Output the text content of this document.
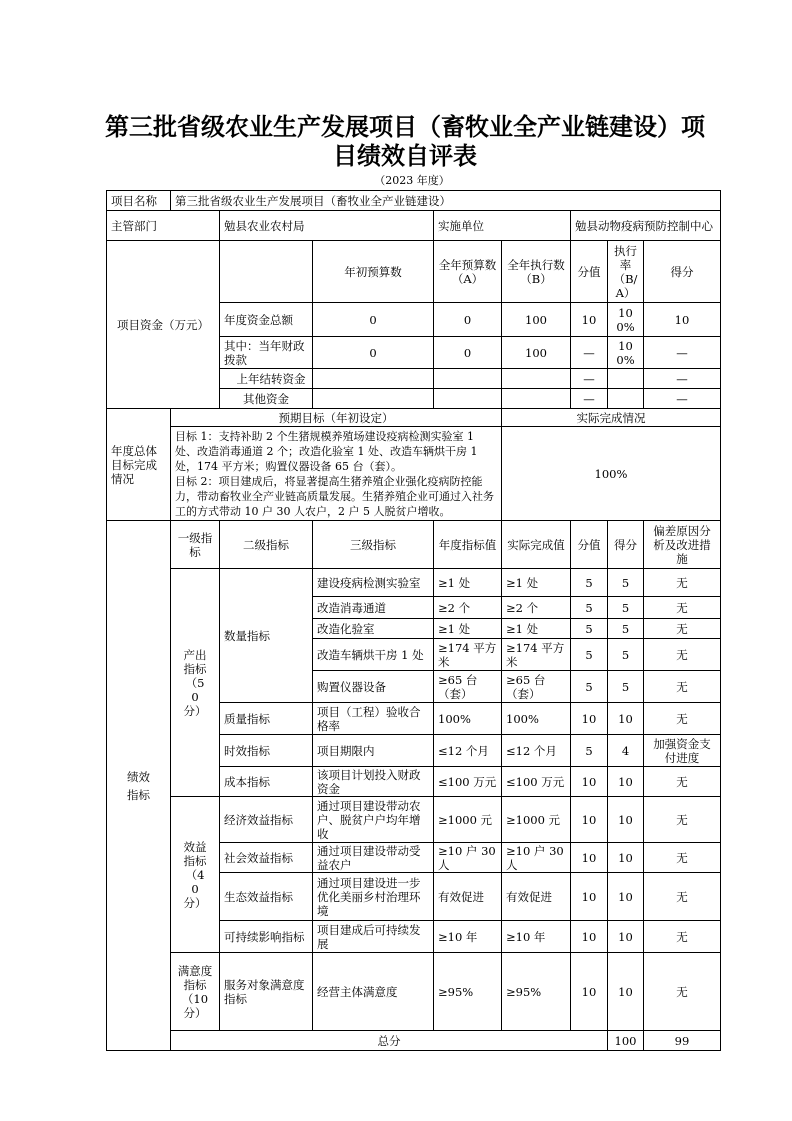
第三批省级农业生产发展项目（畜牧业全产业链建设）项目绩效自评表
（2023 年度）
项目名称	第三批省级农业生产发展项目（畜牧业全产业链建设）								
主管部门		勉县农业农村局		实施单位		勉县动物疫病预防控制中心			
项目资金（万元）			年初预算数	全年预算数（A）	全年执行数（B）	分值	执行率（B/A）	得分	
		年度资金总额	0	0	100	10	100%	10	
		其中：当年财政拨款	0	0	100	—	100%	—	
		上年结转资金				—		—	
		其他资金				—		—	
年度总体目标完成情况	预期目标（年初设定）				实际完成情况				

	目标 1：支持补助 2 个生猪规模养殖场建设疫病检测实验室 1 处、改造消毒通道 2 个；改造化验室 1 处、改造车辆烘干房 1 处，174 平方米；购置仪器设备 65 台（套）。
目标 2：项目建成后，将显著提高生猪养殖企业强化疫病防控能力，带动畜牧业全产业链高质量发展。生猪养殖企业可通过入社务工的方式带动 10 户 30 人农户，2 户 5 人脱贫户增收。				100%				
绩效指标	一级指标	二级指标	三级指标	年度指标值	实际完成值	分值	得分	偏差原因分析及改进措施	
	产出指标（50分）	数量指标	建设疫病检测实验室	≥1 处	≥1 处	5	5	无	
			改造消毒通道	≥2 个	≥2 个	5	5	无	
			改造化验室	≥1 处	≥1 处	5	5	无	
			改造车辆烘干房 1 处	≥174 平方米	≥174 平方米	5	5	无	
			购置仪器设备	≥65 台（套）	≥65 台（套）	5	5	无	
		质量指标	项目（工程）验收合格率	100%	100%	10	10	无	
		时效指标	项目期限内	≤12 个月	≤12 个月	5	4	加强资金支付进度	
		成本指标	该项目计划投入财政资金	≤100 万元	≤100 万元	10	10	无	
	效益指标（40分）	经济效益指标	通过项目建设带动农户、脱贫户户均年增收	≥1000 元	≥1000 元	10	10	无	
		社会效益指标	通过项目建设带动受益农户	≥10 户 30 人	≥10 户 30 人	10	10	无	
		生态效益指标	通过项目建设进一步优化美丽乡村治理环境	有效促进	有效促进	10	10	无	
		可持续影响指标	项目建成后可持续发展	≥10 年	≥10 年	10	10	无	
	满意度指标（10分）	服务对象满意度指标	经营主体满意度	≥95%	≥95%	10	10	无	
	总分						100	99	
